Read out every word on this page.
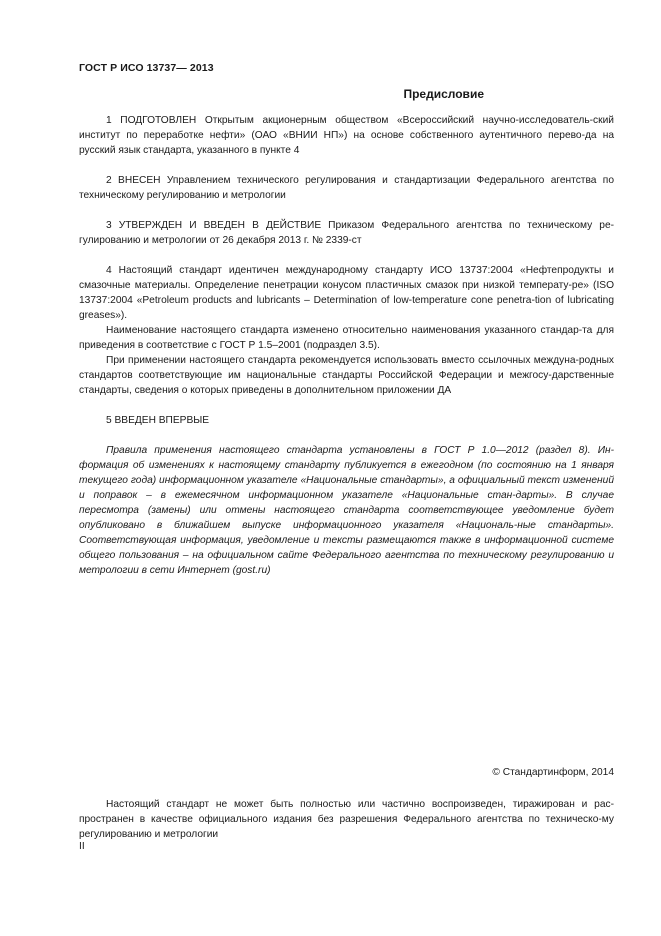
ГОСТ Р ИСО 13737— 2013
Предисловие

1 ПОДГОТОВЛЕН Открытым акционерным обществом «Всероссийский научно-исследователь-ский институт по переработке нефти» (ОАО «ВНИИ НП») на основе собственного аутентичного перево-да на русский язык стандарта, указанного в пункте 4

2 ВНЕСЕН Управлением технического регулирования и стандартизации Федерального агентства по техническому регулированию и метрологии

3 УТВЕРЖДЕН И ВВЕДЕН В ДЕЙСТВИЕ Приказом Федерального агентства по техническому ре-гулированию и метрологии от 26 декабря 2013 г. № 2339-ст

4 Настоящий стандарт идентичен международному стандарту ИСО 13737:2004 «Нефтепродукты и смазочные материалы. Определение пенетрации конусом пластичных смазок при низкой температу-ре» (ISO 13737:2004 «Petroleum products and lubricants – Determination of low-temperature cone penetra-tion of lubricating greases»).

Наименование настоящего стандарта изменено относительно наименования указанного стандар-та для приведения в соответствие с ГОСТ Р 1.5–2001 (подраздел 3.5).

При применении настоящего стандарта рекомендуется использовать вместо ссылочных междуна-родных стандартов соответствующие им национальные стандарты Российской Федерации и межгосу-дарственные стандарты, сведения о которых приведены в дополнительном приложении ДА

5 ВВЕДЕН ВПЕРВЫЕ

Правила применения настоящего стандарта установлены в ГОСТ Р 1.0—2012 (раздел 8). Ин-формация об изменениях к настоящему стандарту публикуется в ежегодном (по состоянию на 1 января текущего года) информационном указателе «Национальные стандарты», а официальный текст изменений и поправок – в ежемесячном информационном указателе «Национальные стан-дарты». В случае пересмотра (замены) или отмены настоящего стандарта соответствующее уведомление будет опубликовано в ближайшем выпуске информационного указателя «Националь-ные стандарты». Соответствующая информация, уведомление и тексты размещаются также в информационной системе общего пользования – на официальном сайте Федерального агентства по техническому регулированию и метрологии в сети Интернет (gost.ru)

© Стандартинформ, 2014

Настоящий стандарт не может быть полностью или частично воспроизведен, тиражирован и рас-пространен в качестве официального издания без разрешения Федерального агентства по техническо-му регулированию и метрологии

II
